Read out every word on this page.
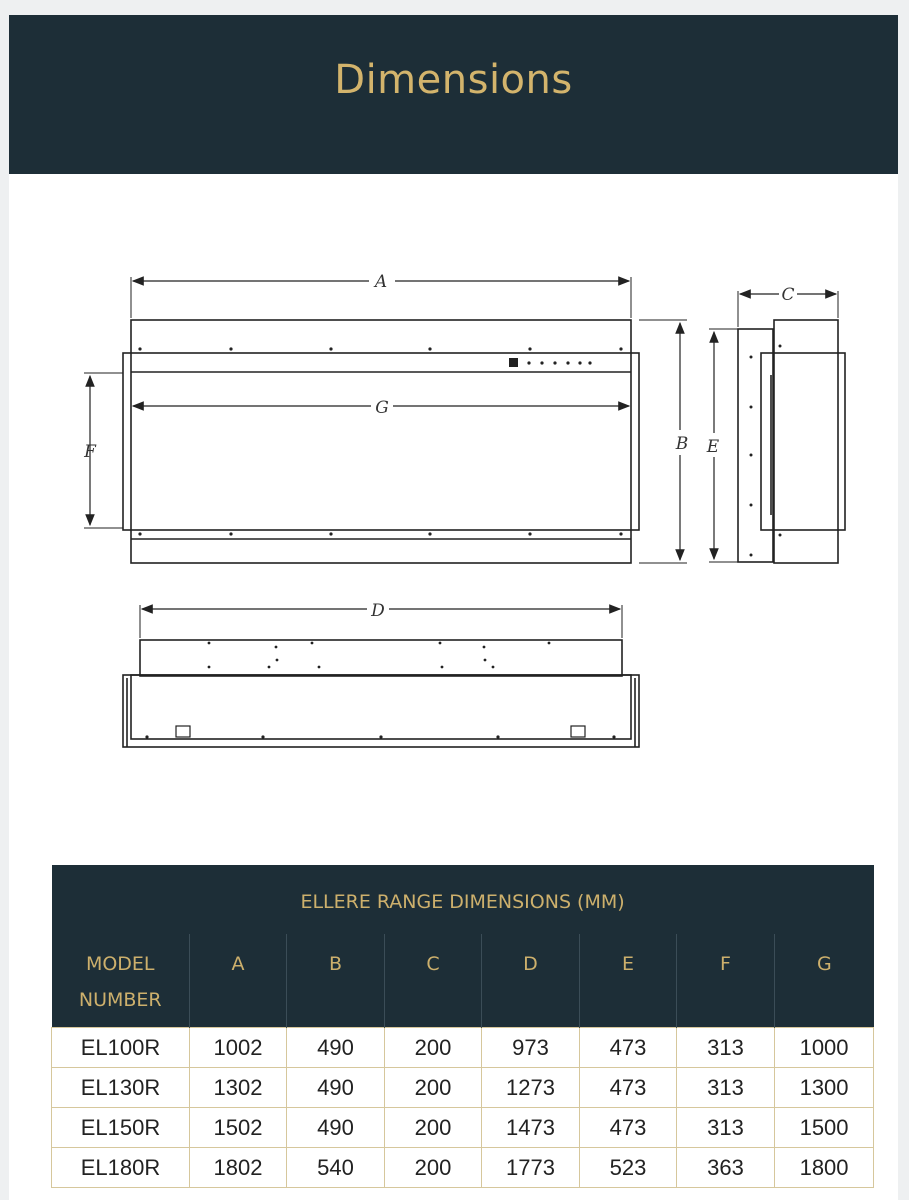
Dimensions
A
G
F	B E
C
D
ELLERE RANGE DIMENSIONS (MM)							
MODEL NUMBER	A	B	C	D	E	F	G
EL100R	1002	490	200	973	473	313	1000
EL130R	1302	490	200	1273	473	313	1300
EL150R	1502	490	200	1473	473	313	1500
EL180R	1802	540	200	1773	523	363	1800
